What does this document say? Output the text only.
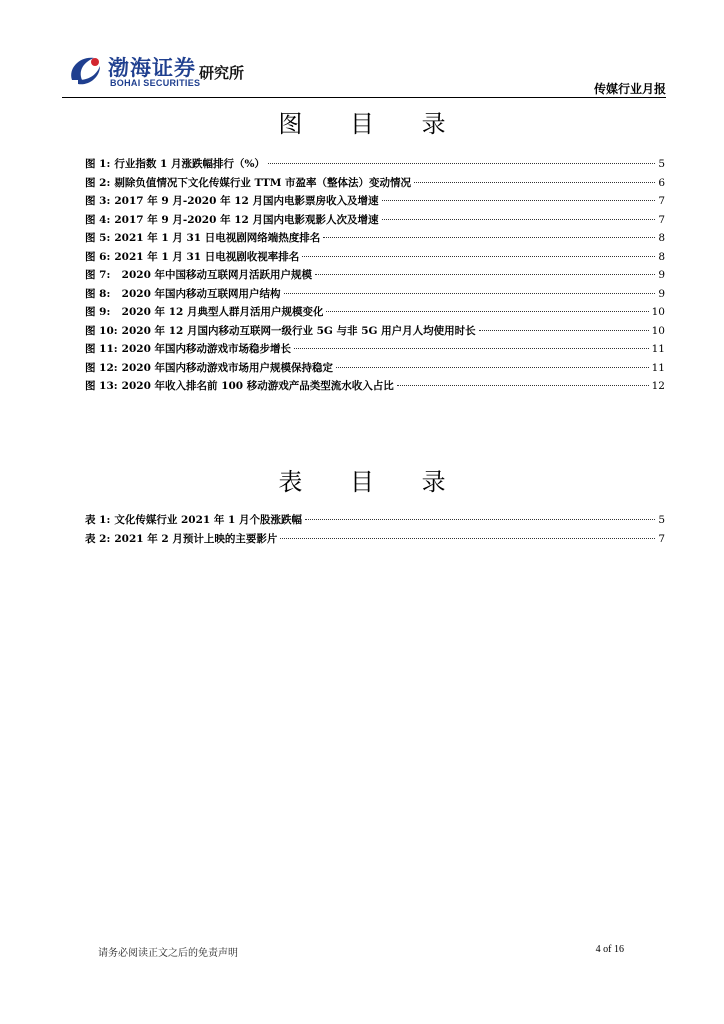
渤海证券
BOHAI SECURITIES
研究所
传媒行业月报
图 目 录
图 1: 行业指数 1 月涨跌幅排行（%）	5
图 2: 剔除负值情况下文化传媒行业 TTM 市盈率（整体法）变动情况	6
图 3: 2017 年 9 月-2020 年 12 月国内电影票房收入及增速	7
图 4: 2017 年 9 月-2020 年 12 月国内电影观影人次及增速	7
图 5: 2021 年 1 月 31 日电视剧网络端热度排名	8
图 6: 2021 年 1 月 31 日电视剧收视率排名	8
图 7: 2020 年中国移动互联网月活跃用户规模	9
图 8: 2020 年国内移动互联网用户结构	9
图 9: 2020 年 12 月典型人群月活用户规模变化	10
图 10: 2020 年 12 月国内移动互联网一级行业 5G 与非 5G 用户月人均使用时长	10
图 11: 2020 年国内移动游戏市场稳步增长	11
图 12: 2020 年国内移动游戏市场用户规模保持稳定	11
图 13: 2020 年收入排名前 100 移动游戏产品类型流水收入占比	12
表 目 录
表 1: 文化传媒行业 2021 年 1 月个股涨跌幅	5
表 2: 2021 年 2 月预计上映的主要影片	7
请务必阅读正文之后的免责声明	4 of 16
